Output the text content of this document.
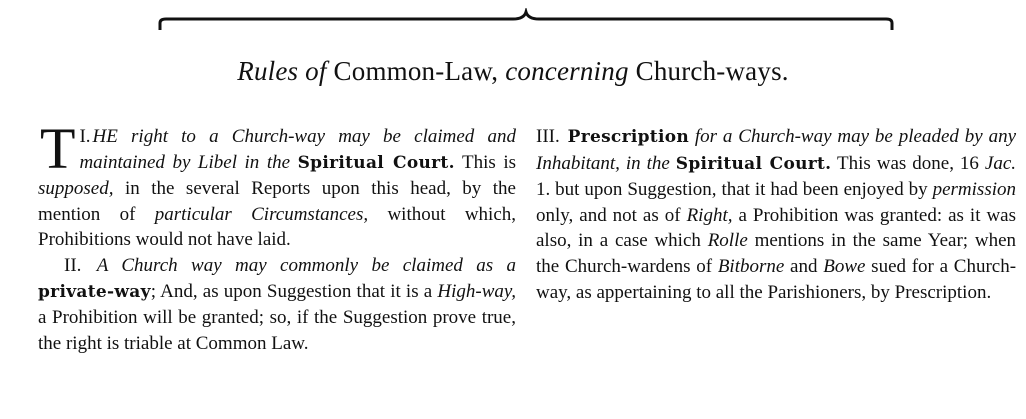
Rules of Common-Law, concerning Church-ways.

I.
T HE right to a Church-way may be claimed and maintained by Libel in the Spiritual Court. This is supposed, in the several Reports upon this head, by the mention of particular Circumstances, without which, Prohibitions would not have laid.

II. A Church way may commonly be claimed as a private-way; And, as upon Suggestion that it is a High-way, a Prohibition will be granted; so, if the Suggestion prove true, the right is triable at Common Law.

III. Prescription for a Church-way may be pleaded by any Inhabitant, in the Spiritual Court. This was done, 16 Jac. 1. but upon Suggestion, that it had been enjoyed by permission only, and not as of Right, a Prohibition was granted: as it was also, in a case which Rolle mentions in the same Year; when the Church-wardens of Bitborne and Bowe sued for a Church-way, as appertaining to all the Parishioners, by Prescription.
